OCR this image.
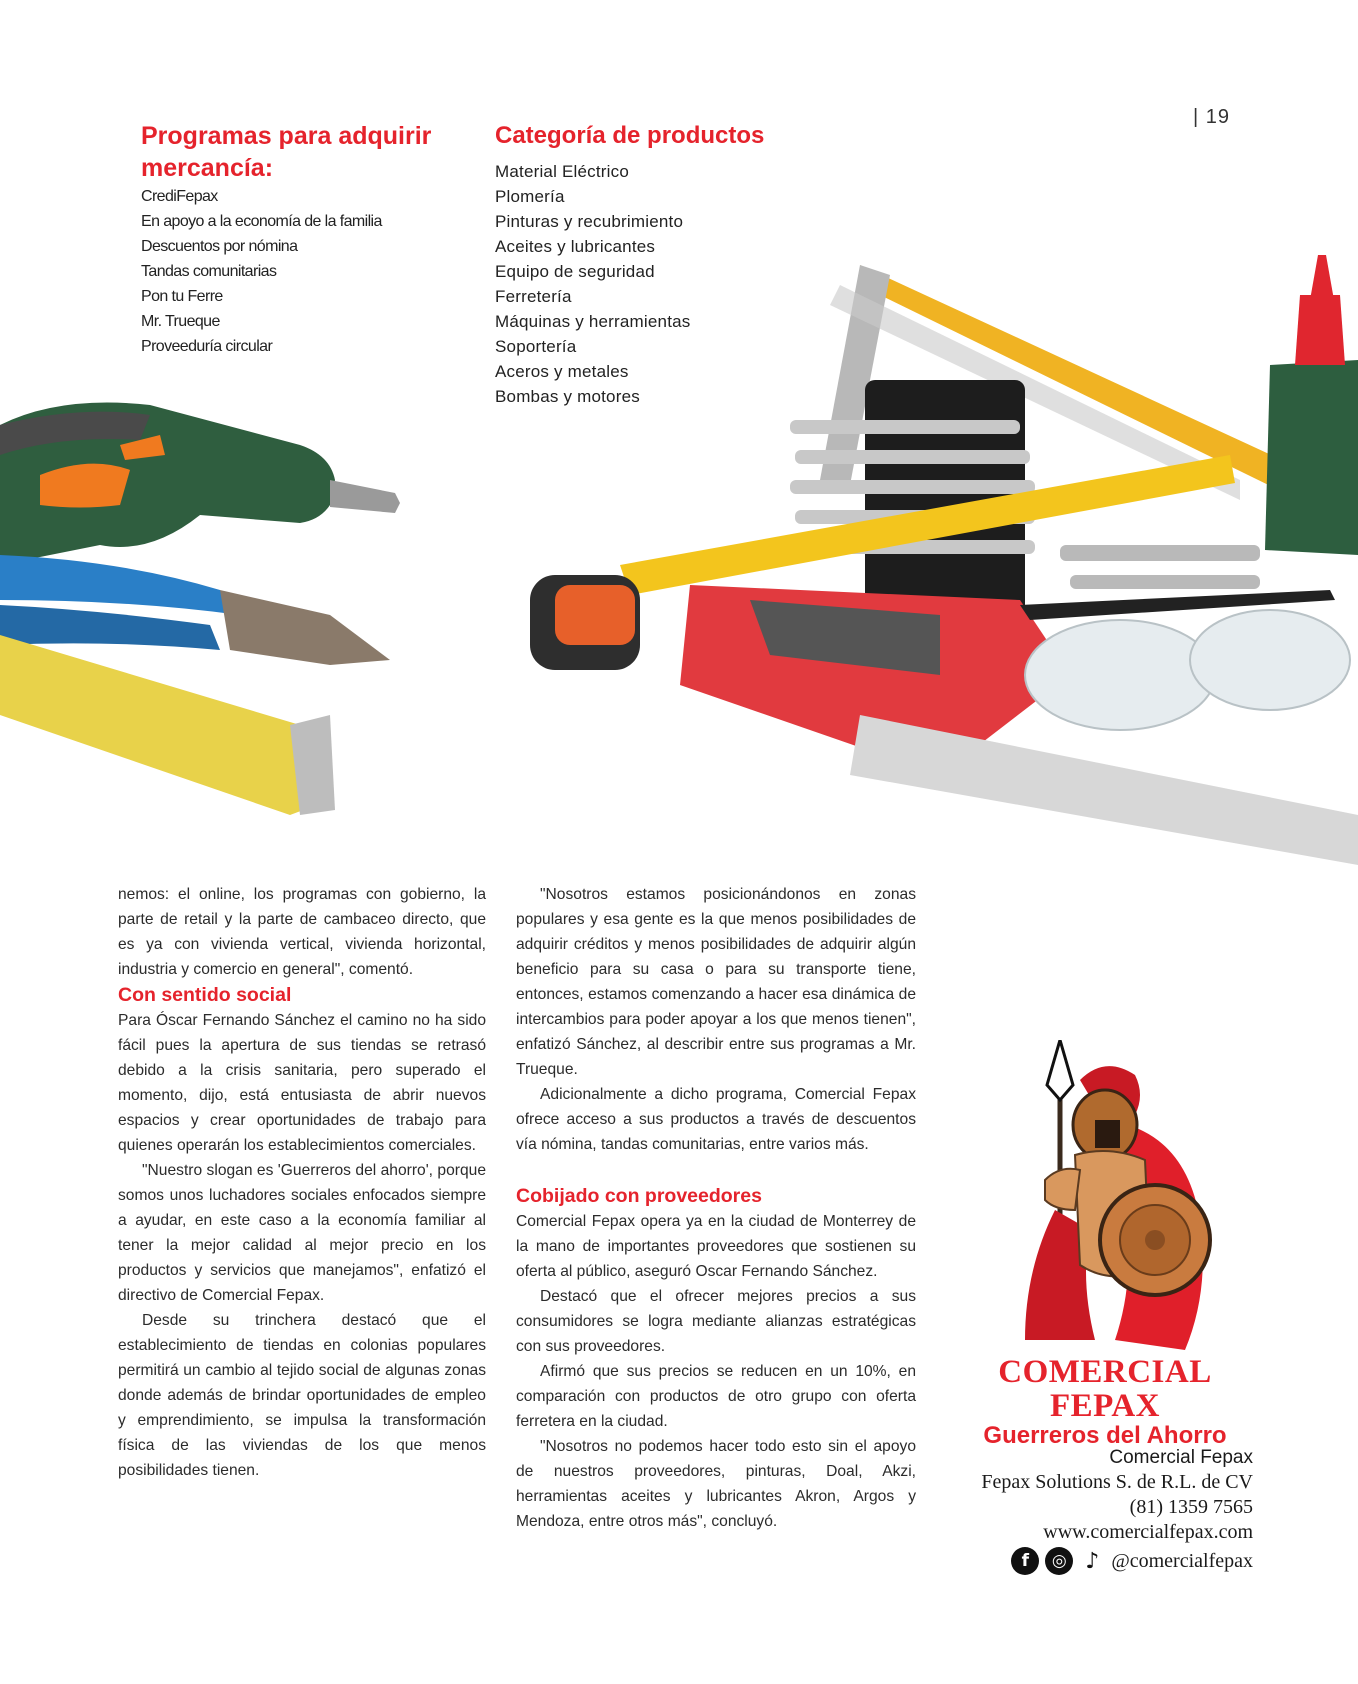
| 19
Programas para adquirir mercancía:
CrediFepax
En apoyo a la economía de la familia
Descuentos por nómina
Tandas comunitarias
Pon tu Ferre
Mr. Trueque
Proveeduría circular
Categoría de productos
Material Eléctrico
Plomería
Pinturas y recubrimiento
Aceites y lubricantes
Equipo de seguridad
Ferretería
Máquinas y herramientas
Soportería
Aceros y metales
Bombas y motores

nemos: el online, los programas con gobierno, la parte de retail y la parte de cambaceo directo, que es ya con vivienda vertical, vivienda horizontal, industria y comercio en general", comentó.

Con sentido social

Para Óscar Fernando Sánchez el camino no ha sido fácil pues la apertura de sus tiendas se retrasó debido a la crisis sanitaria, pero superado el momento, dijo, está entusiasta de abrir nuevos espacios y crear oportunidades de trabajo para quienes operarán los establecimientos comerciales.

"Nuestro slogan es 'Guerreros del ahorro', porque somos unos luchadores sociales enfocados siempre a ayudar, en este caso a la economía familiar al tener la mejor calidad al mejor precio en los productos y servicios que manejamos", enfatizó el directivo de Comercial Fepax.

Desde su trinchera destacó que el establecimiento de tiendas en colonias populares permitirá un cambio al tejido social de algunas zonas donde además de brindar oportunidades de empleo y emprendimiento, se impulsa la transformación física de las viviendas de los que menos posibilidades tienen.

"Nosotros estamos posicionándonos en zonas populares y esa gente es la que menos posibilidades de adquirir créditos y menos posibilidades de adquirir algún beneficio para su casa o para su transporte tiene, entonces, estamos comenzando a hacer esa dinámica de intercambios para poder apoyar a los que menos tienen", enfatizó Sánchez, al describir entre sus programas a Mr. Trueque.

Adicionalmente a dicho programa, Comercial Fepax ofrece acceso a sus productos a través de descuentos vía nómina, tandas comunitarias, entre varios más.

Cobijado con proveedores

Comercial Fepax opera ya en la ciudad de Monterrey de la mano de importantes proveedores que sostienen su oferta al público, aseguró Oscar Fernando Sánchez.

Destacó que el ofrecer mejores precios a sus consumidores se logra mediante alianzas estratégicas con sus proveedores.

Afirmó que sus precios se reducen en un 10%, en comparación con productos de otro grupo con oferta ferretera en la ciudad.

"Nosotros no podemos hacer todo esto sin el apoyo de nuestros proveedores, pinturas, Doal, Akzi, herramientas aceites y lubricantes Akron, Argos y Mendoza, entre otros más", concluyó.

COMERCIAL FEPAX
Guerreros del Ahorro
Comercial Fepax
Fepax Solutions S. de R.L. de CV
(81) 1359 7565
www.comercialfepax.com
f	◎ ♪ @comercialfepax
